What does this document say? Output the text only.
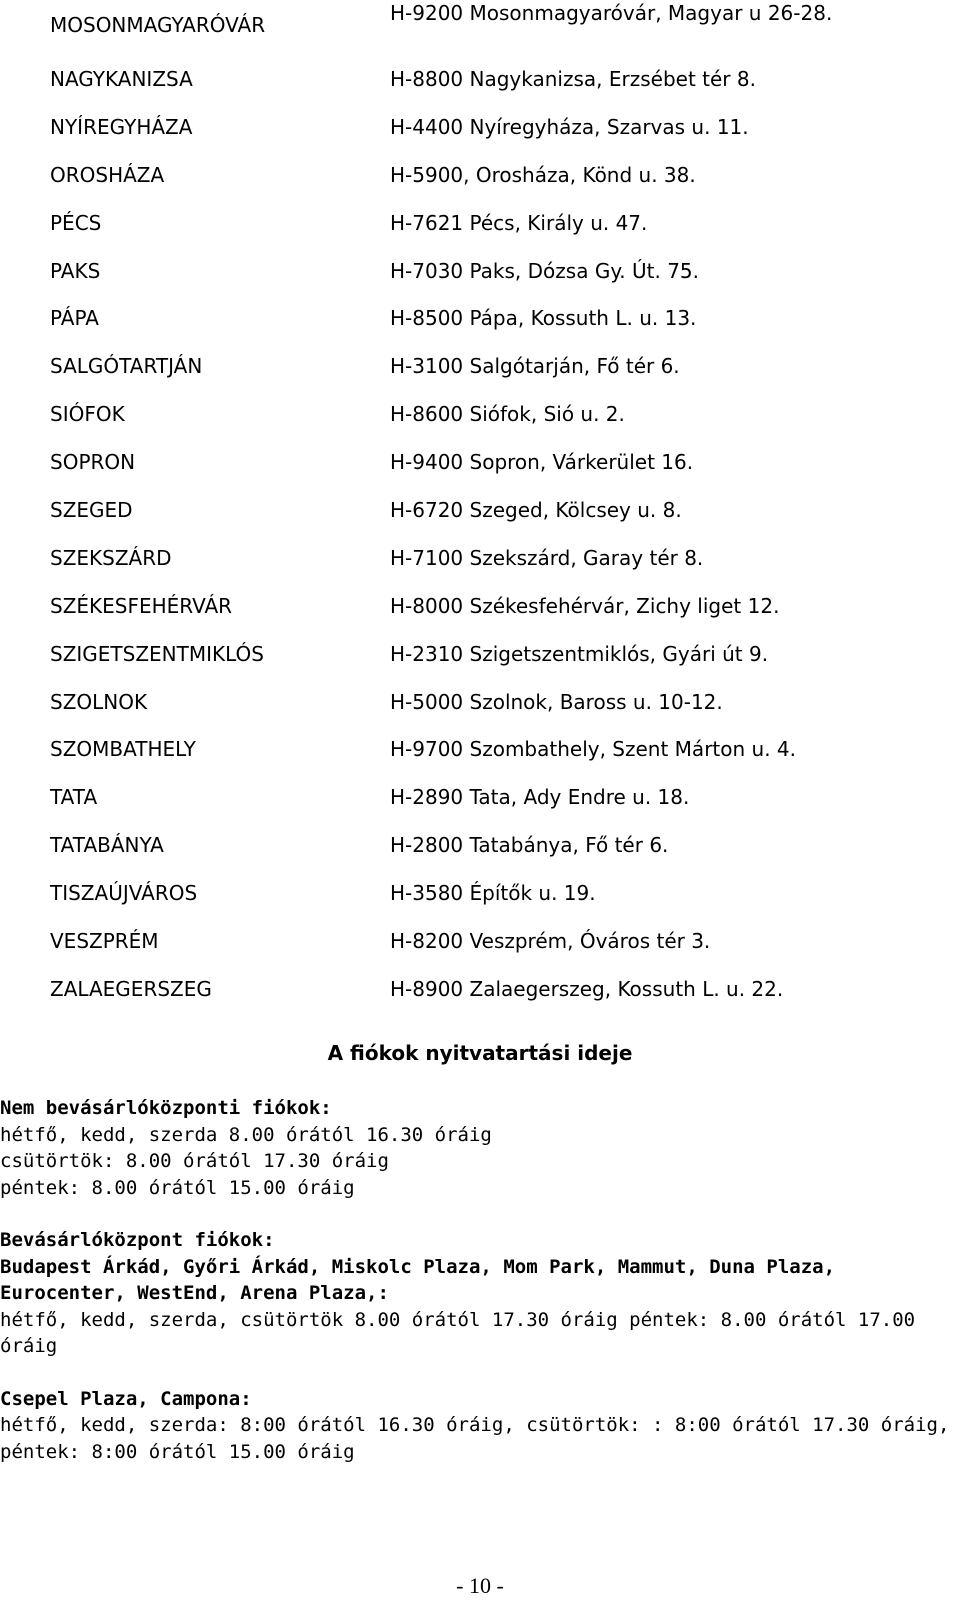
MOSONMAGYARÓVÁR	H-9200 Mosonmagyaróvár, Magyar u 26-28.
NAGYKANIZSA	H-8800 Nagykanizsa, Erzsébet tér 8.
NYÍREGYHÁZA	H-4400 Nyíregyháza, Szarvas u. 11.
OROSHÁZA	H-5900, Orosháza, Könd u. 38.
PÉCS	H-7621 Pécs, Király u. 47.
PAKS	H-7030 Paks, Dózsa Gy. Út. 75.
PÁPA	H-8500 Pápa, Kossuth L. u. 13.
SALGÓTARTJÁN	H-3100 Salgótarján, Fő tér 6.
SIÓFOK	H-8600 Siófok, Sió u. 2.
SOPRON	H-9400 Sopron, Várkerület 16.
SZEGED	H-6720 Szeged, Kölcsey u. 8.
SZEKSZÁRD	H-7100 Szekszárd, Garay tér 8.
SZÉKESFEHÉRVÁR	H-8000 Székesfehérvár, Zichy liget 12.
SZIGETSZENTMIKLÓS	H-2310 Szigetszentmiklós, Gyári út 9.
SZOLNOK	H-5000 Szolnok, Baross u. 10-12.
SZOMBATHELY	H-9700 Szombathely, Szent Márton u. 4.
TATA	H-2890 Tata, Ady Endre u. 18.
TATABÁNYA	H-2800 Tatabánya, Fő tér 6.
TISZAÚJVÁROS	H-3580 Építők u. 19.
VESZPRÉM	H-8200 Veszprém, Óváros tér 3.
ZALAEGERSZEG	H-8900 Zalaegerszeg, Kossuth L. u. 22.
A fiókok nyitvatartási ideje

Nem bevásárlóközponti fiókok:

hétfő, kedd, szerda 8.00 órától 16.30 óráig

csütörtök: 8.00 órától 17.30 óráig

péntek: 8.00 órától 15.00 óráig

Bevásárlóközpont fiókok:

Budapest Árkád, Győri Árkád, Miskolc Plaza, Mom Park, Mammut, Duna Plaza, Eurocenter, WestEnd, Arena Plaza,:

hétfő, kedd, szerda, csütörtök 8.00 órától 17.30 óráig péntek: 8.00 órától 17.00 óráig

Csepel Plaza, Campona:

hétfő, kedd, szerda: 8:00 órától 16.30 óráig, csütörtök: : 8:00 órától 17.30 óráig,

péntek: 8:00 órától 15.00 óráig

- 10 -
